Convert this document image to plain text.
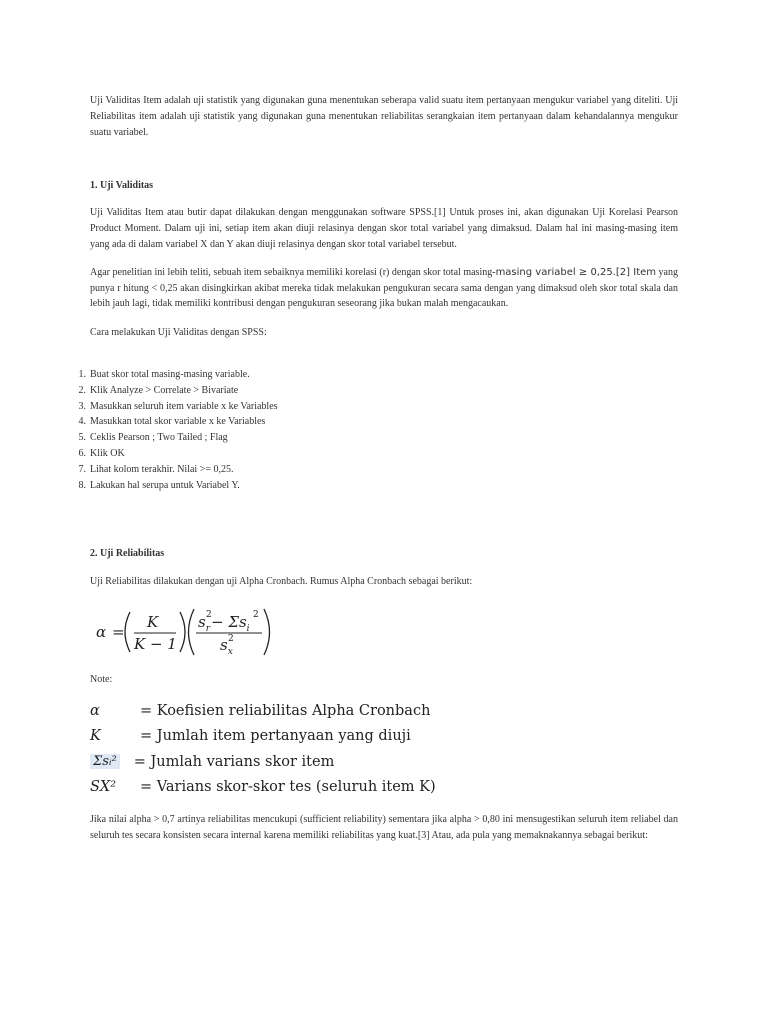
Uji Validitas Item adalah uji statistik yang digunakan guna menentukan seberapa valid suatu item pertanyaan mengukur variabel yang diteliti. Uji Reliabilitas item adalah uji statistik yang digunakan guna menentukan reliabilitas serangkaian item pertanyaan dalam kehandalannya mengukur suatu variabel.

1. Uji Validitas

Uji Validitas Item atau butir dapat dilakukan dengan menggunakan software SPSS.[1] Untuk proses ini, akan digunakan Uji Korelasi Pearson Product Moment. Dalam uji ini, setiap item akan diuji relasinya dengan skor total variabel yang dimaksud. Dalam hal ini masing-masing item yang ada di dalam variabel X dan Y akan diuji relasinya dengan skor total variabel tersebut.

Agar penelitian ini lebih teliti, sebuah item sebaiknya memiliki korelasi (r) dengan skor total masing-masing variabel ≥ 0,25.[2] Item yang punya r hitung < 0,25 akan disingkirkan akibat mereka tidak melakukan pengukuran secara sama dengan yang dimaksud oleh skor total skala dan lebih jauh lagi, tidak memiliki kontribusi dengan pengukuran seseorang jika bukan malah mengacaukan.

Cara melakukan Uji Validitas dengan SPSS:

1. Buat skor total masing-masing variable.
2. Klik Analyze > Correlate > Bivariate
3. Masukkan seluruh item variable x ke Variables
4. Masukkan total skor variable x ke Variables
5. Ceklis Pearson ; Two Tailed ; Flag
6. Klik OK
7. Lihat kolom terakhir. Nilai >= 0,25.
8. Lakukan hal serupa untuk Variabel Y.
2. Uji Reliabilitas

Uji Reliabilitas dilakukan dengan uji Alpha Cronbach. Rumus Alpha Cronbach sebagai berikut:

α =
K
K − 1
$s_r$
$2 - \Sigma s_i$
2
$s_x$
2

Note:

α	= Koefisien reliabilitas Alpha Cronbach
K	= Jumlah item pertanyaan yang diuji
Σsᵢ² = Jumlah varians skor item
SX²	= Varians skor-skor tes (seluruh item K)

Jika nilai alpha > 0,7 artinya reliabilitas mencukupi (sufficient reliability) sementara jika alpha > 0,80 ini mensugestikan seluruh item reliabel dan seluruh tes secara konsisten secara internal karena memiliki reliabilitas yang kuat.[3] Atau, ada pula yang memaknakannya sebagai berikut:
